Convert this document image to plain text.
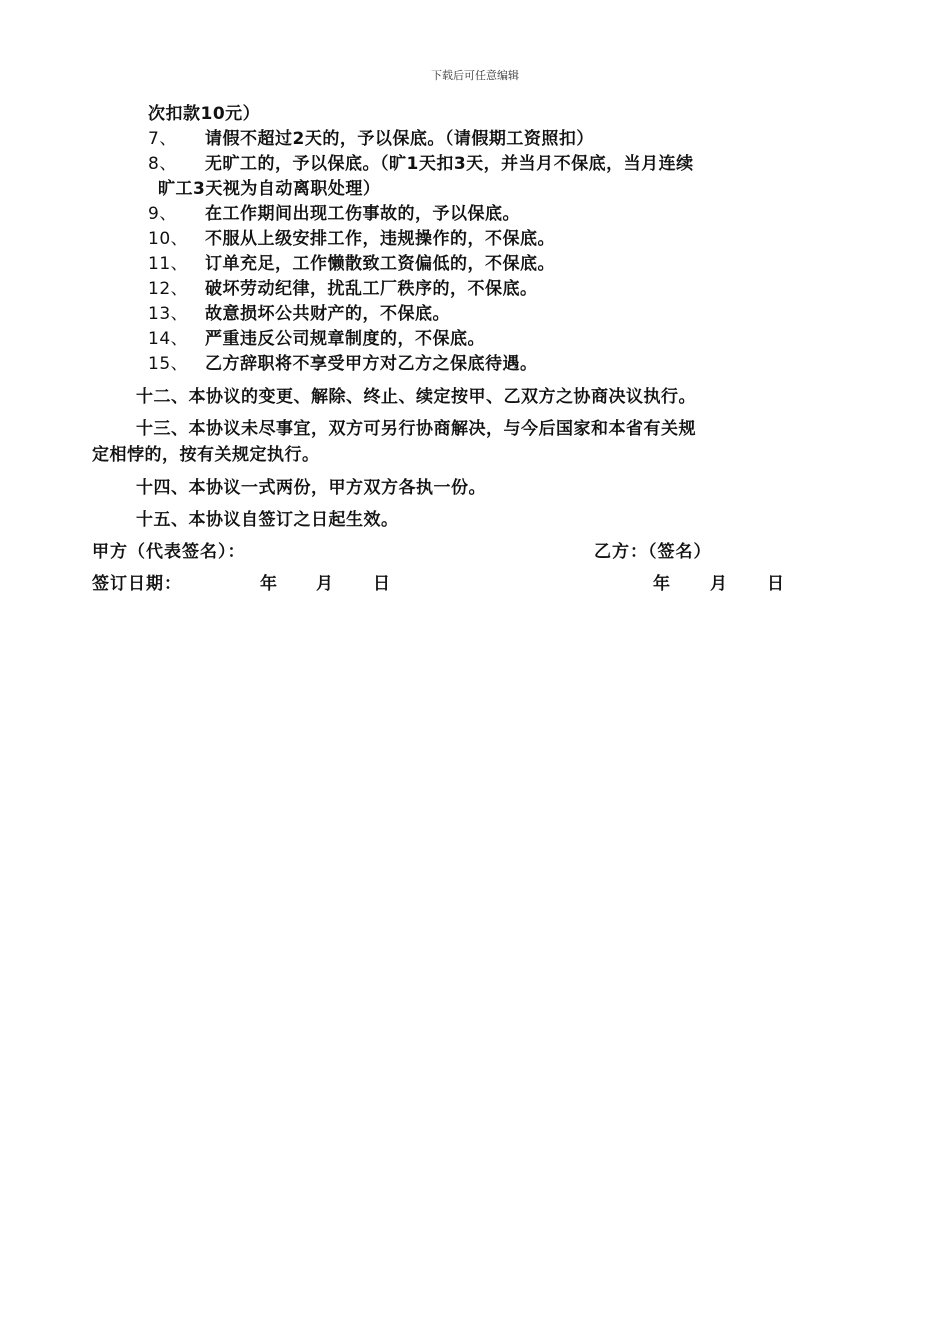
下载后可任意编辑
次扣款10元）
7、 请假不超过2天的，予以保底。（请假期工资照扣）
8、 无旷工的，予以保底。（旷1天扣3天，并当月不保底，当月连续
旷工3天视为自动离职处理）
9、 在工作期间出现工伤事故的，予以保底。
10、 不服从上级安排工作，违规操作的，不保底。
11、 订单充足，工作懒散致工资偏低的，不保底。
12、 破坏劳动纪律，扰乱工厂秩序的，不保底。
13、 故意损坏公共财产的，不保底。
14、 严重违反公司规章制度的，不保底。
15、 乙方辞职将不享受甲方对乙方之保底待遇。
十二、本协议的变更、解除、终止、续定按甲、乙双方之协商决议执行。
十三、本协议未尽事宜，双方可另行协商解决，与今后国家和本省有关规
定相悖的，按有关规定执行。
十四、本协议一式两份，甲方双方各执一份。
十五、本协议自签订之日起生效。
甲方（代表签名）：	乙方：（签名）
签订日期：	年 月 日	年 月 日
